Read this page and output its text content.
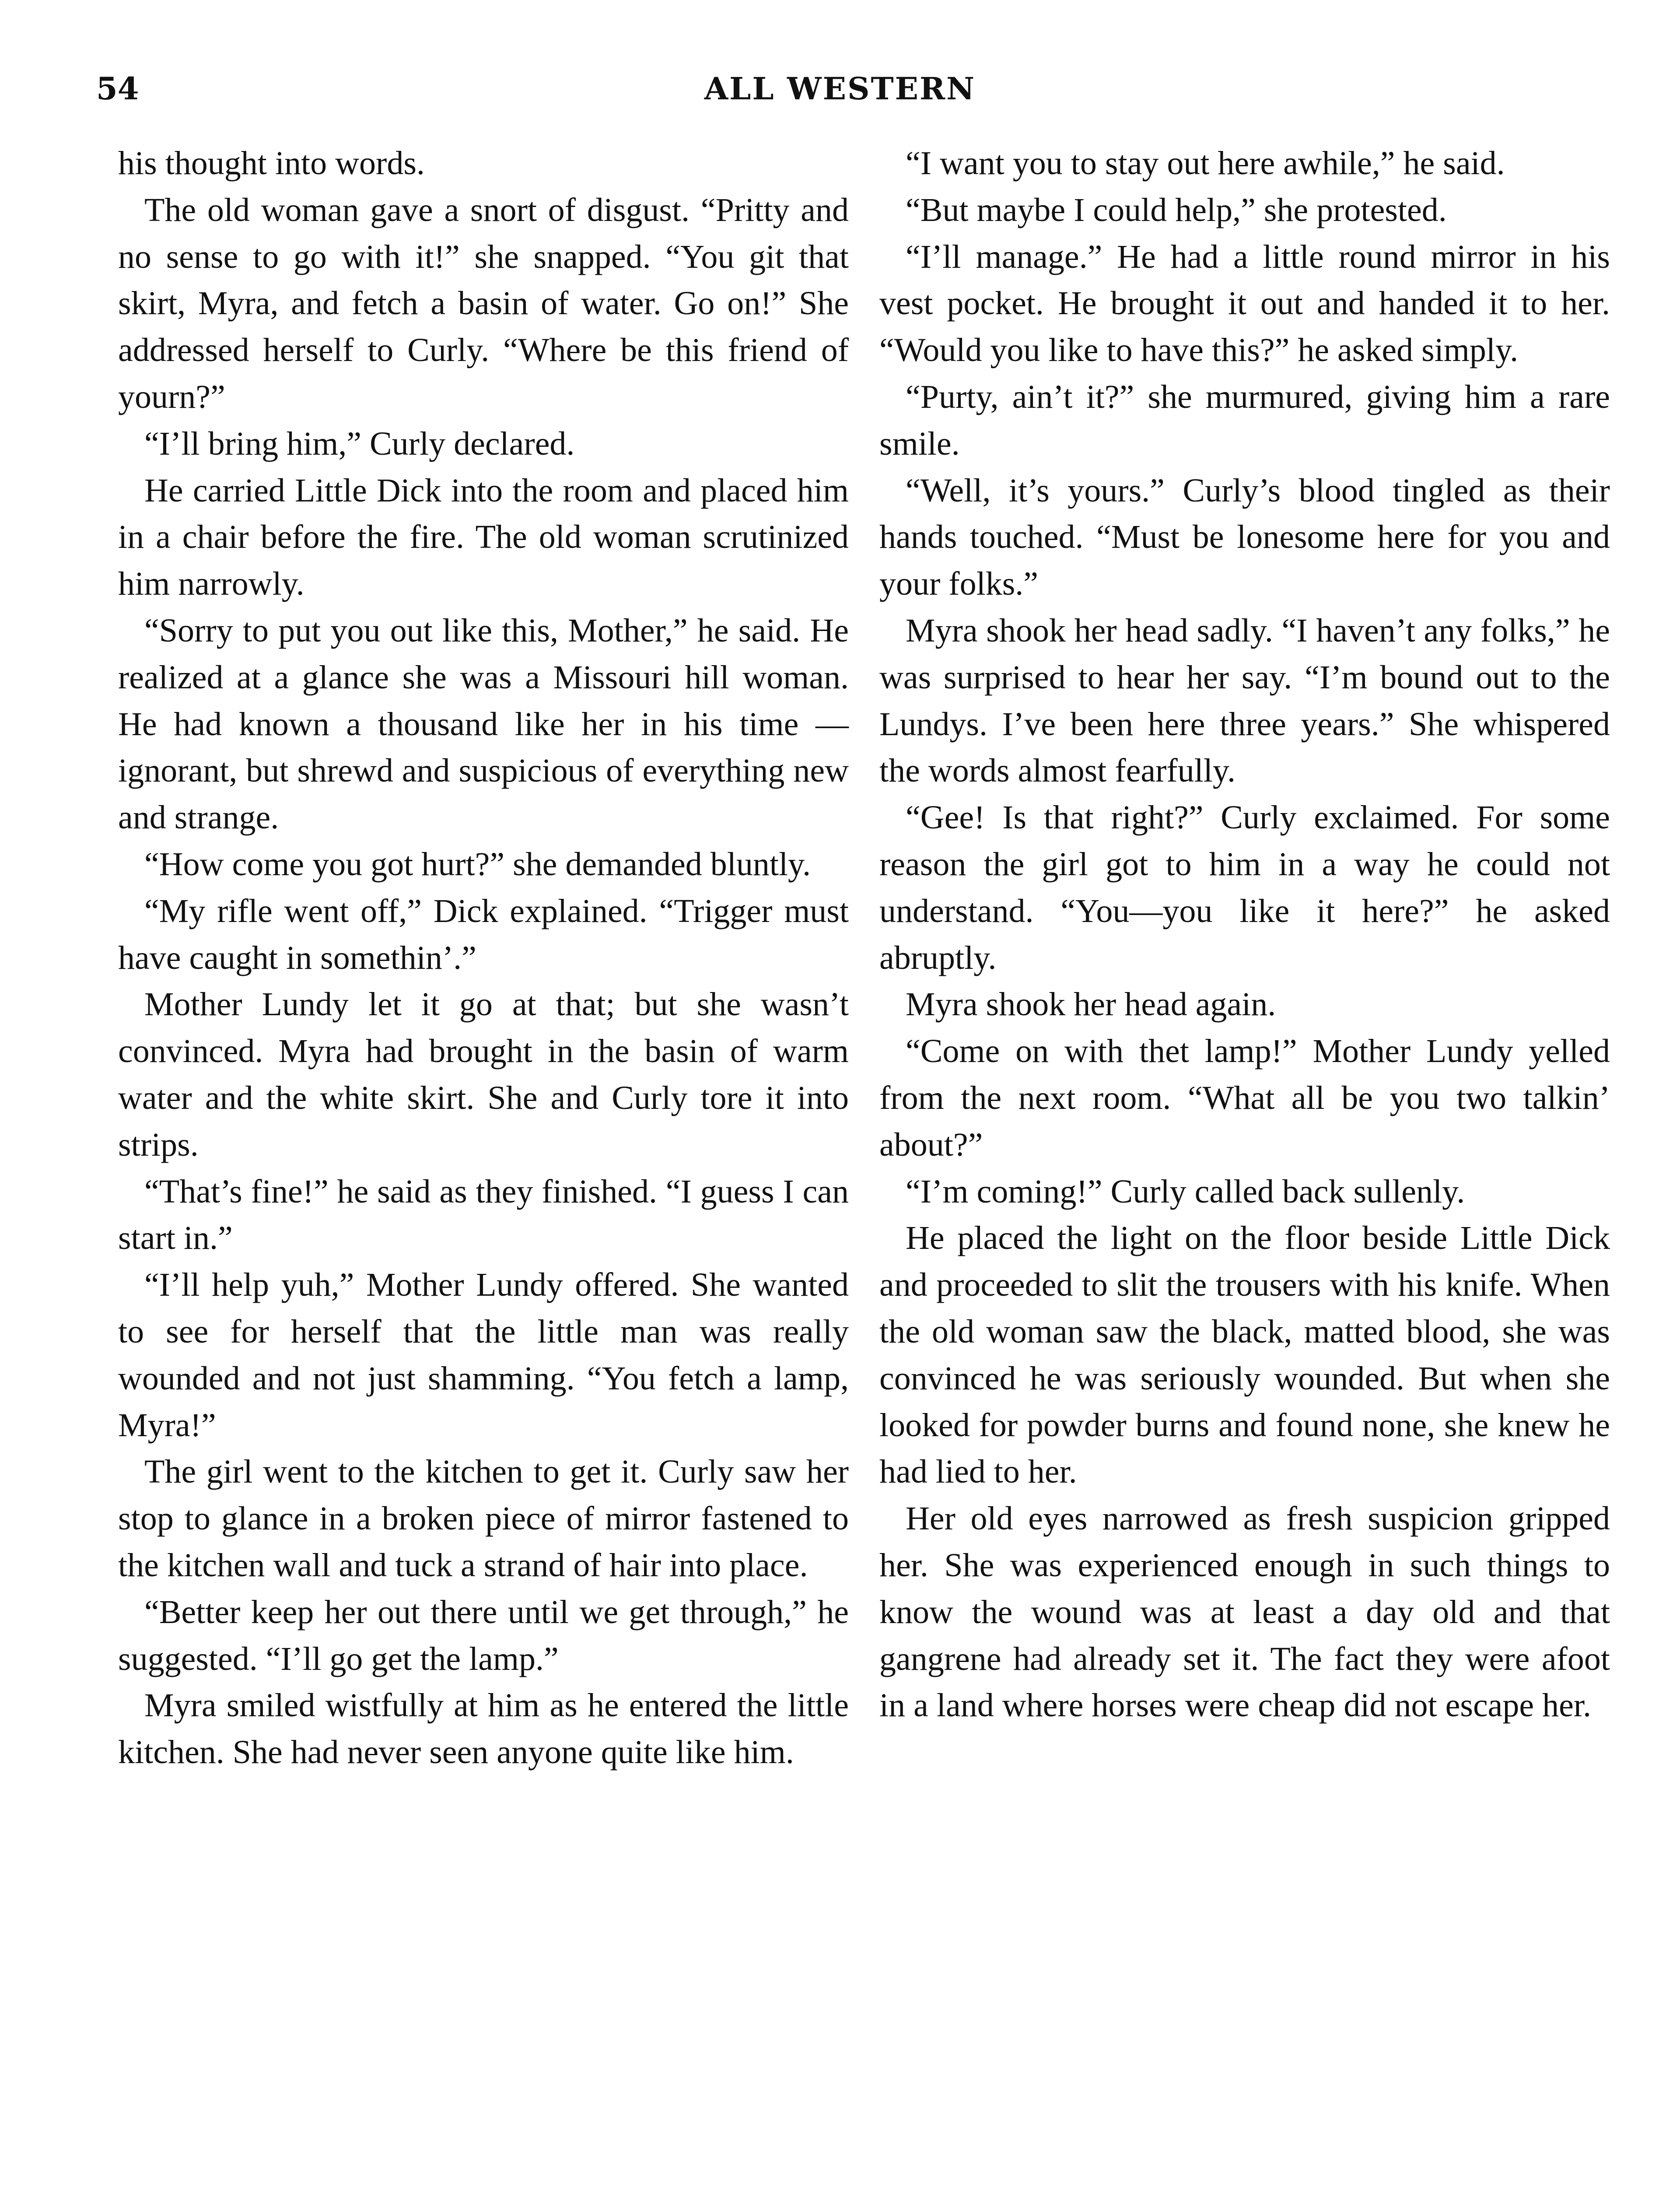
54	ALL WESTERN

his thought into words.

The old woman gave a snort of disgust. “Pritty and no sense to go with it!” she snapped. “You git that skirt, Myra, and fetch a basin of water. Go on!” She addressed herself to Curly. “Where be this friend of yourn?”

“I’ll bring him,” Curly declared.

He carried Little Dick into the room and placed him in a chair before the fire. The old woman scrutinized him narrowly.

“Sorry to put you out like this, Mother,” he said. He realized at a glance she was a Missouri hill woman. He had known a thousand like her in his time —ignorant, but shrewd and suspicious of everything new and strange.

“How come you got hurt?” she demanded bluntly.

“My rifle went off,” Dick explained. “Trigger must have caught in somethin’.”

Mother Lundy let it go at that; but she wasn’t convinced. Myra had brought in the basin of warm water and the white skirt. She and Curly tore it into strips.

“That’s fine!” he said as they finished. “I guess I can start in.”

“I’ll help yuh,” Mother Lundy offered. She wanted to see for herself that the little man was really wounded and not just shamming. “You fetch a lamp, Myra!”

The girl went to the kitchen to get it. Curly saw her stop to glance in a broken piece of mirror fastened to the kitchen wall and tuck a strand of hair into place.

“Better keep her out there until we get through,” he suggested. “I’ll go get the lamp.”

Myra smiled wistfully at him as he entered the little kitchen. She had never seen anyone quite like him.

“I want you to stay out here awhile,” he said.

“But maybe I could help,” she protested.

“I’ll manage.” He had a little round mirror in his vest pocket. He brought it out and handed it to her. “Would you like to have this?” he asked simply.

“Purty, ain’t it?” she murmured, giving him a rare smile.

“Well, it’s yours.” Curly’s blood tingled as their hands touched. “Must be lonesome here for you and your folks.”

Myra shook her head sadly. “I haven’t any folks,” he was surprised to hear her say. “I’m bound out to the Lundys. I’ve been here three years.” She whispered the words almost fearfully.

“Gee! Is that right?” Curly exclaimed. For some reason the girl got to him in a way he could not understand. “You—you like it here?” he asked abruptly.

Myra shook her head again.

“Come on with thet lamp!” Mother Lundy yelled from the next room. “What all be you two talkin’ about?”

“I’m coming!” Curly called back sullenly.

He placed the light on the floor beside Little Dick and proceeded to slit the trousers with his knife. When the old woman saw the black, matted blood, she was convinced he was seriously wounded. But when she looked for powder burns and found none, she knew he had lied to her.

Her old eyes narrowed as fresh suspicion gripped her. She was experienced enough in such things to know the wound was at least a day old and that gangrene had already set it. The fact they were afoot in a land where horses were cheap did not escape her.
